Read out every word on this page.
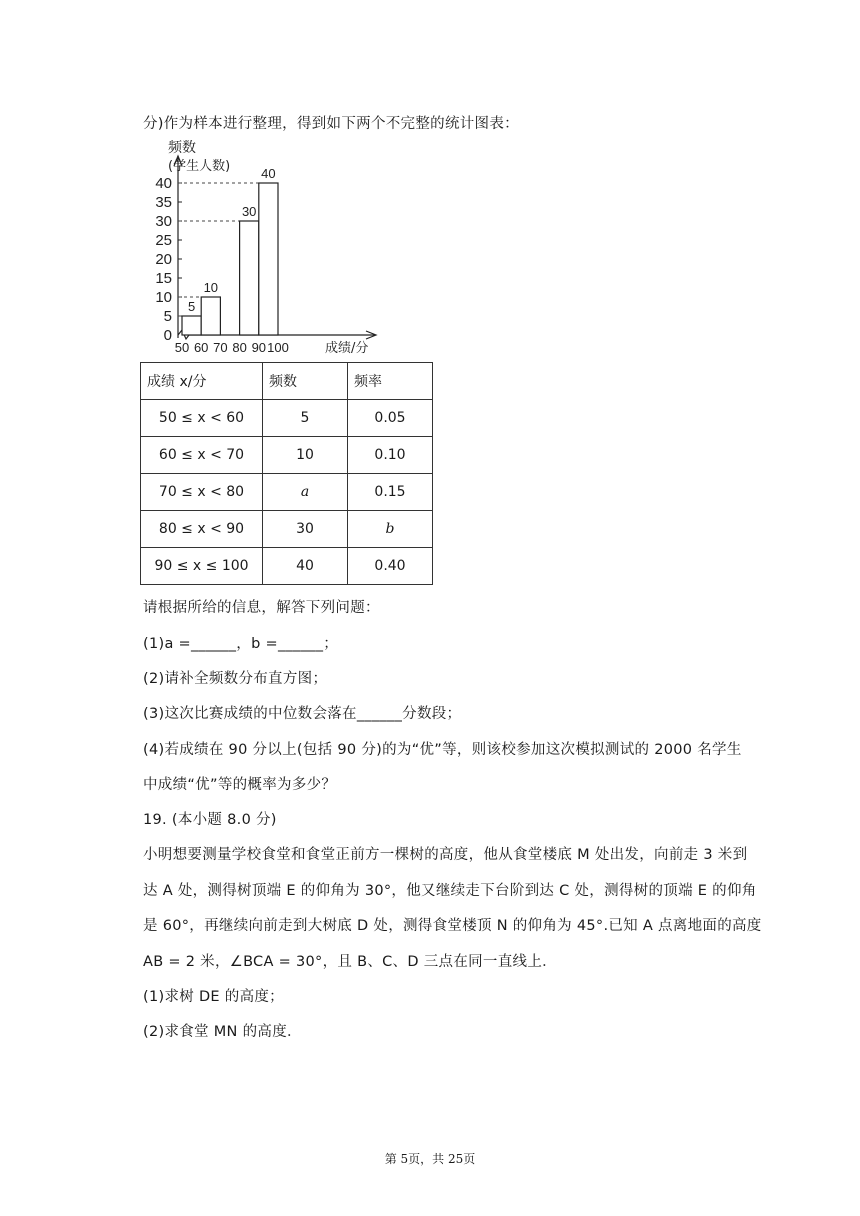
分)作为样本进行整理，得到如下两个不完整的统计图表：
0
5
10
15
20
25
30
35
40
5
10
30
40
50 60 70 80 90 100
频数
(学生人数)
成绩/分
成绩 x/分	频数	频率
50 ≤ x < 60	5	0.05
60 ≤ x < 70	10	0.10
70 ≤ x < 80	a	0.15
80 ≤ x < 90	30	b
90 ≤ x ≤ 100	40	0.40
请根据所给的信息，解答下列问题：
(1)a =______，b =______；
(2)请补全频数分布直方图；
(3)这次比赛成绩的中位数会落在______分数段；
(4)若成绩在 90 分以上(包括 90 分)的为“优”等，则该校参加这次模拟测试的 2000 名学生
中成绩“优”等的概率为多少？
19. (本小题 8.0 分)
小明想要测量学校食堂和食堂正前方一棵树的高度，他从食堂楼底 M 处出发，向前走 3 米到
达 A 处，测得树顶端 E 的仰角为 30°，他又继续走下台阶到达 C 处，测得树的顶端 E 的仰角
是 60°，再继续向前走到大树底 D 处，测得食堂楼顶 N 的仰角为 45°.已知 A 点离地面的高度
AB = 2 米，∠BCA = 30°，且 B、C、D 三点在同一直线上．
(1)求树 DE 的高度；
(2)求食堂 MN 的高度．
第 5页，共 25页
